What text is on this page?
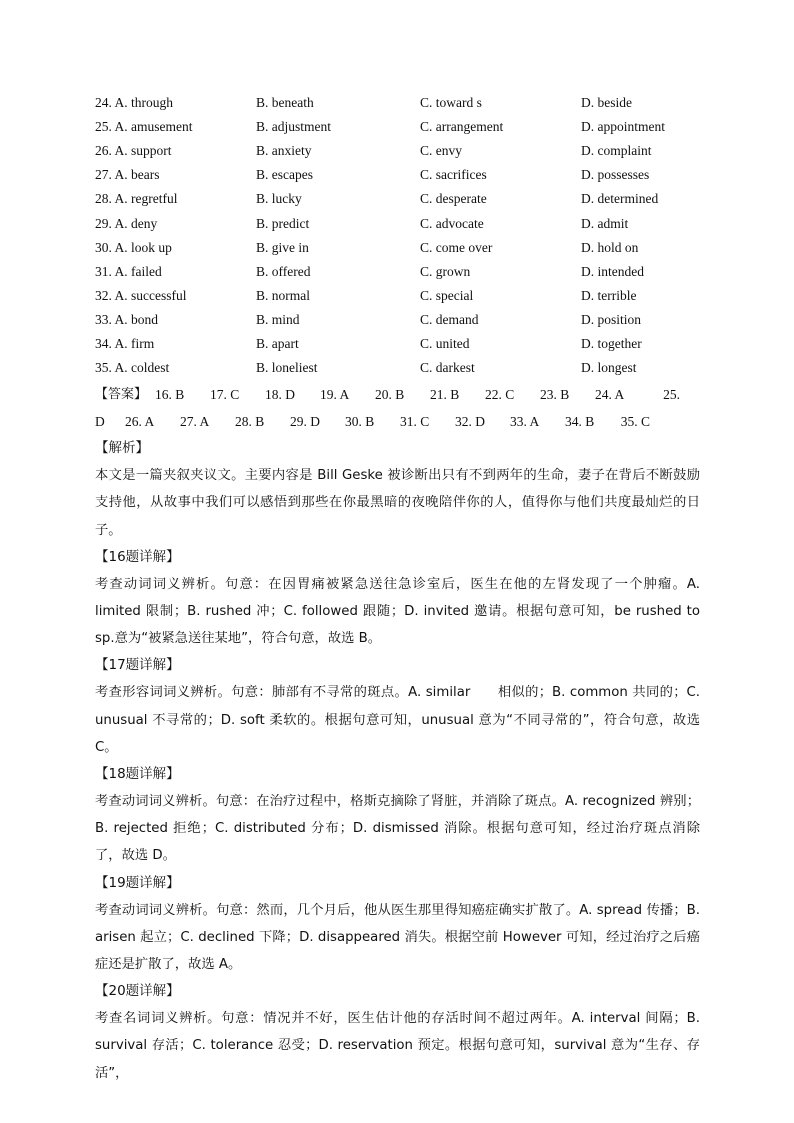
24. A. through	B. beneath	C. toward s	D. beside
25. A. amusement	B. adjustment	C. arrangement	D. appointment
26. A. support	B. anxiety	C. envy	D. complaint
27. A. bears	B. escapes	C. sacrifices	D. possesses
28. A. regretful	B. lucky	C. desperate	D. determined
29. A. deny	B. predict	C. advocate	D. admit
30. A. look up	B. give in	C. come over	D. hold on
31. A. failed	B. offered	C. grown	D. intended
32. A. successful	B. normal	C. special	D. terrible
33. A. bond	B. mind	C. demand	D. position
34. A. firm	B. apart	C. united	D. together
35. A. coldest	B. loneliest	C. darkest	D. longest
【答案】 16. B	17. C	18. D	19. A	20. B	21. B	22. C	23. B	24. A	25.
D	26. A	27. A	28. B	29. D	30. B	31. C	32. D	33. A	34. B	35. C
【解析】

本文是一篇夹叙夹议文。主要内容是 Bill Geske 被诊断出只有不到两年的生命，妻子在背后不断鼓励支持他，从故事中我们可以感悟到那些在你最黑暗的夜晚陪伴你的人，值得你与他们共度最灿烂的日子。

【16题详解】

考查动词词义辨析。句意：在因胃痛被紧急送往急诊室后，医生在他的左肾发现了一个肿瘤。A. limited 限制；B. rushed 冲；C. followed 跟随；D. invited 邀请。根据句意可知，be rushed to sp.意为“被紧急送往某地”，符合句意，故选 B。

【17题详解】

考查形容词词义辨析。句意：肺部有不寻常的斑点。A. similar　　相似的；B. common 共同的；C. unusual 不寻常的；D. soft 柔软的。根据句意可知，unusual 意为“不同寻常的”，符合句意，故选 C。

【18题详解】

考查动词词义辨析。句意：在治疗过程中，格斯克摘除了肾脏，并消除了斑点。A. recognized 辨别；B. rejected 拒绝；C. distributed 分布；D. dismissed 消除。根据句意可知，经过治疗斑点消除了，故选 D。

【19题详解】

考查动词词义辨析。句意：然而，几个月后，他从医生那里得知癌症确实扩散了。A. spread 传播；B. arisen 起立；C. declined 下降；D. disappeared 消失。根据空前 However 可知，经过治疗之后癌症还是扩散了，故选 A。

【20题详解】

考查名词词义辨析。句意：情况并不好，医生估计他的存活时间不超过两年。A. interval 间隔；B. survival 存活；C. tolerance 忍受；D. reservation 预定。根据句意可知，survival 意为“生存、存活”，
